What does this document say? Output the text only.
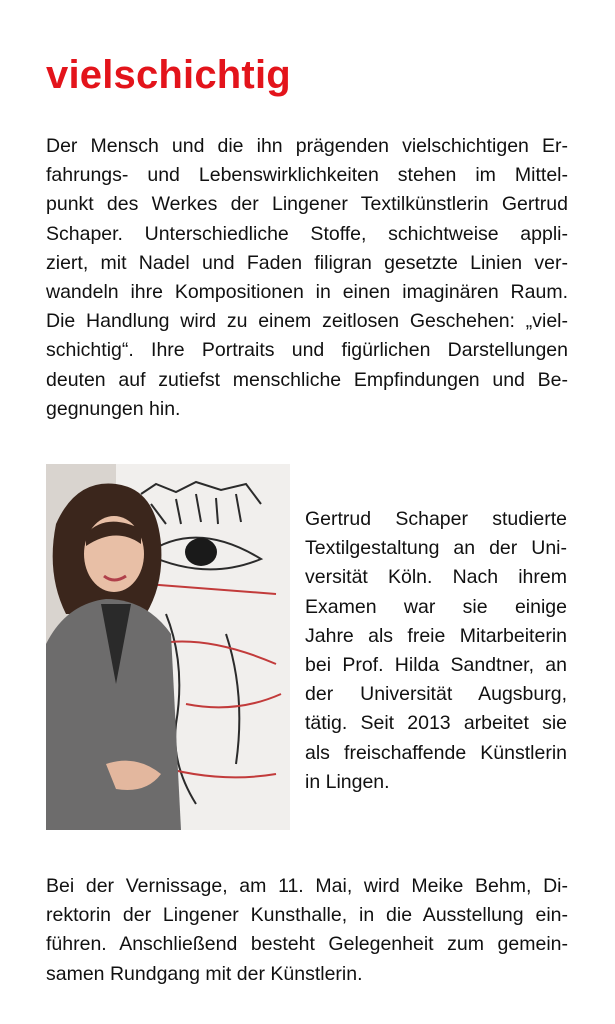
vielschichtig

Der Mensch und die ihn prägenden vielschichtigen Er-
fahrungs- und Lebenswirklichkeiten stehen im Mittel-
punkt des Werkes der Lingener Textilkünstlerin Gertrud
Schaper. Unterschiedliche Stoffe, schichtweise appli-
ziert, mit Nadel und Faden filigran gesetzte Linien ver-
wandeln ihre Kompositionen in einen imaginären Raum.
Die Handlung wird zu einem zeitlosen Geschehen: „viel-
schichtig“. Ihre Portraits und figürlichen Darstellungen
deuten auf zutiefst menschliche Empfindungen und Be-
gegnungen hin.

Gertrud Schaper studierte
Textilgestaltung an der Uni-
versität Köln. Nach ihrem
Examen war sie einige
Jahre als freie Mitarbeiterin
bei Prof. Hilda Sandtner, an
der Universität Augsburg,
tätig. Seit 2013 arbeitet sie
als freischaffende Künstlerin
in Lingen.

Bei der Vernissage, am 11. Mai, wird Meike Behm, Di-
rektorin der Lingener Kunsthalle, in die Ausstellung ein-
führen. Anschließend besteht Gelegenheit zum gemein-
samen Rundgang mit der Künstlerin.
